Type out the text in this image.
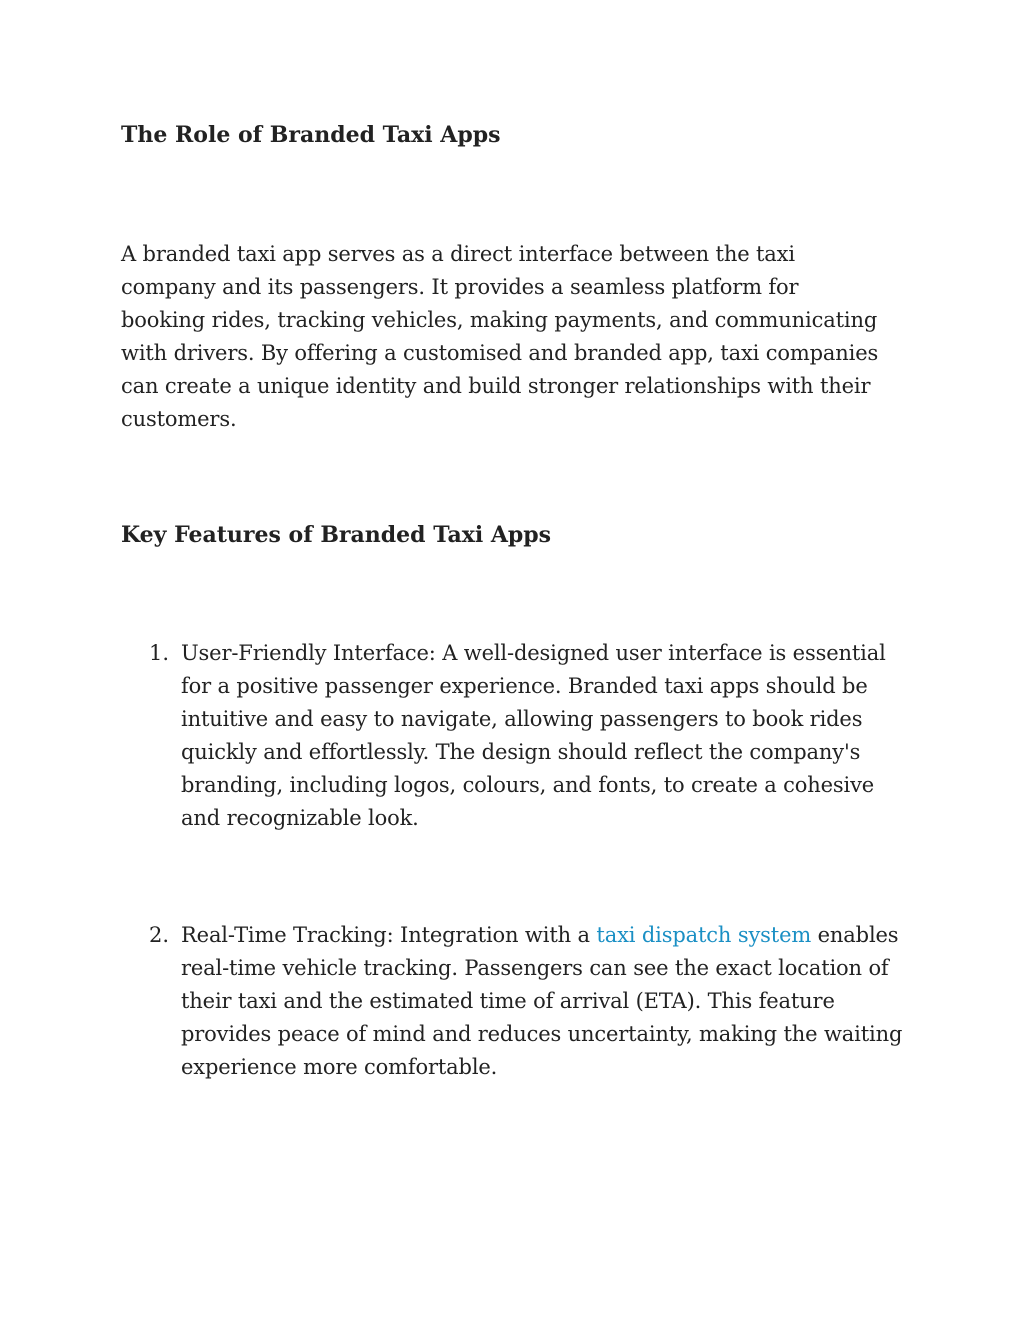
The Role of Branded Taxi Apps

A branded taxi app serves as a direct interface between the taxi company and its passengers. It provides a seamless platform for booking rides, tracking vehicles, making payments, and communicating with drivers. By offering a customised and branded app, taxi companies can create a unique identity and build stronger relationships with their customers.

Key Features of Branded Taxi Apps
1. User-Friendly Interface: A well-designed user interface is essential for a positive passenger experience. Branded taxi apps should be intuitive and easy to navigate, allowing passengers to book rides quickly and effortlessly. The design should reflect the company's branding, including logos, colours, and fonts, to create a cohesive and recognizable look.

2. Real-Time Tracking: Integration with a taxi dispatch system enables real-time vehicle tracking. Passengers can see the exact location of their taxi and the estimated time of arrival (ETA). This feature provides peace of mind and reduces uncertainty, making the waiting experience more comfortable.
